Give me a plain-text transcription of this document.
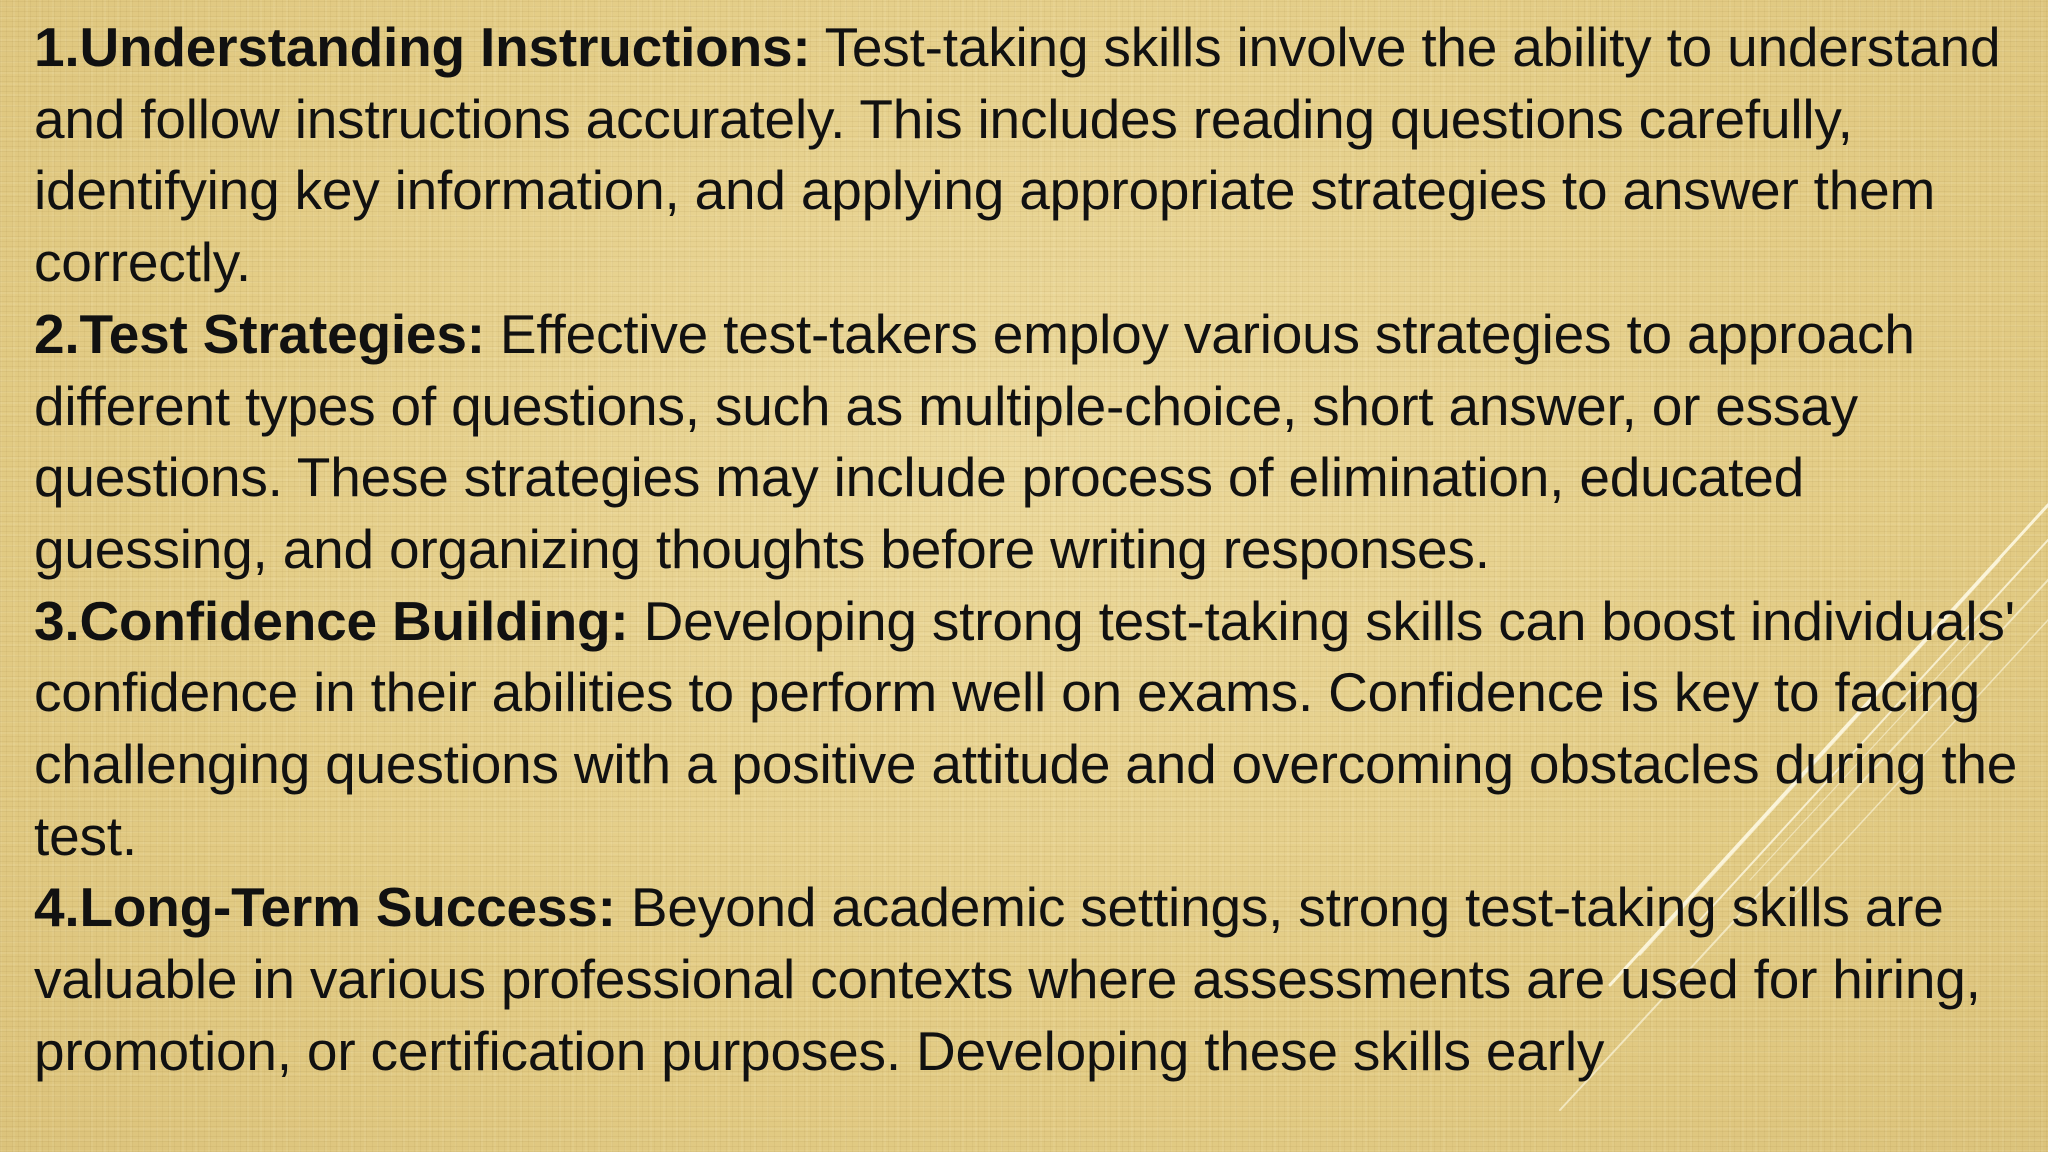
1.Understanding Instructions: Test-taking skills involve the ability to understand and follow instructions accurately. This includes reading questions carefully, identifying key information, and applying appropriate strategies to answer them correctly.

2.Test Strategies: Effective test-takers employ various strategies to approach different types of questions, such as multiple-choice, short answer, or essay questions. These strategies may include process of elimination, educated guessing, and organizing thoughts before writing responses.

3.Confidence Building: Developing strong test-taking skills can boost individuals' confidence in their abilities to perform well on exams. Confidence is key to facing challenging questions with a positive attitude and overcoming obstacles during the test.

4.Long-Term Success: Beyond academic settings, strong test-taking skills are valuable in various professional contexts where assessments are used for hiring, promotion, or certification purposes. Developing these skills early
